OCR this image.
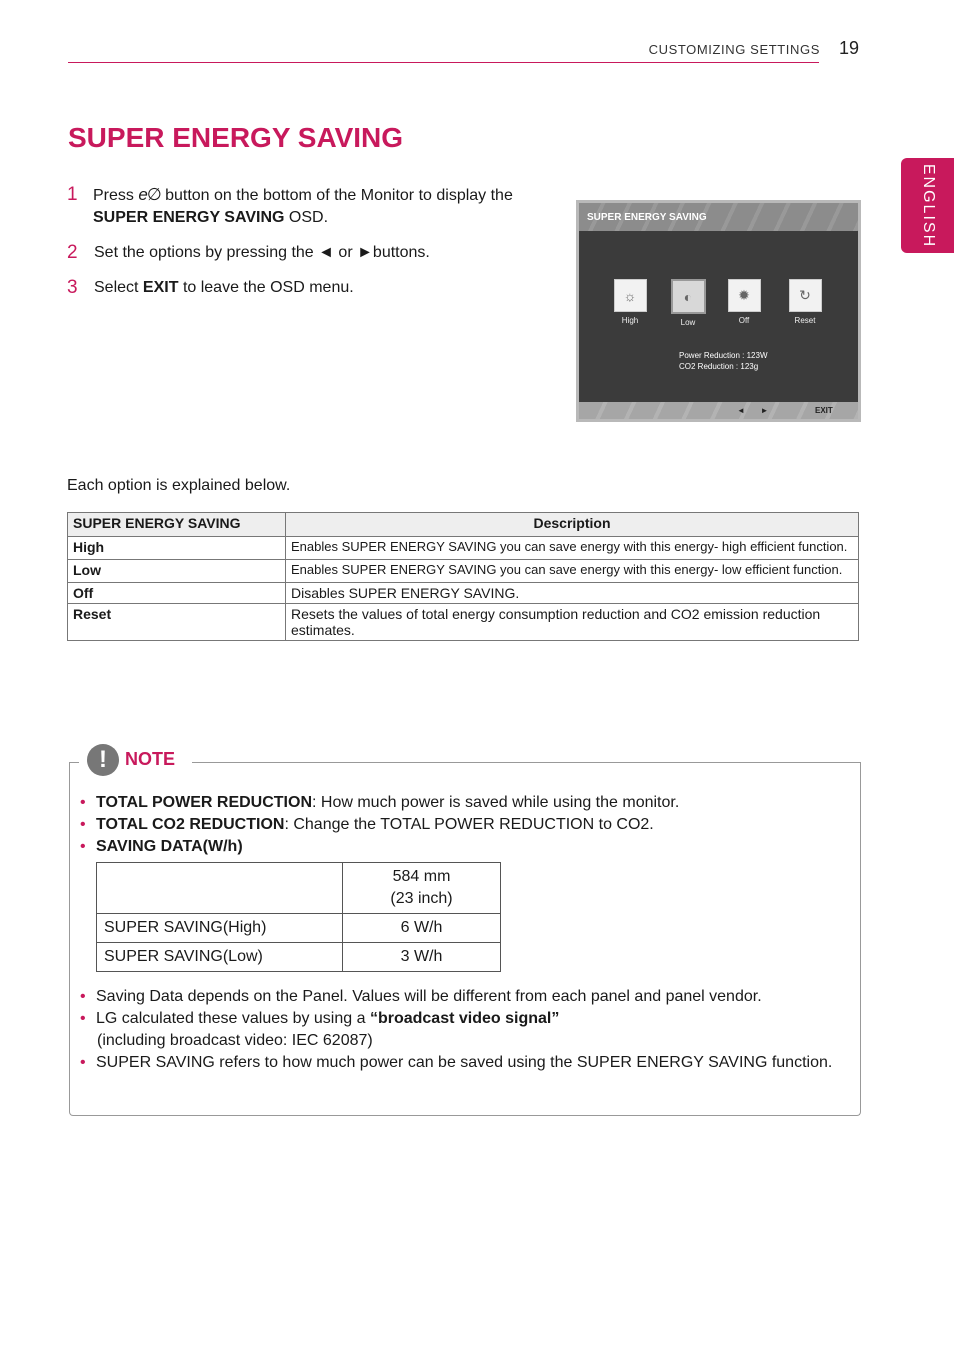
CUSTOMIZING SETTINGS 19
ENGLISH
SUPER ENERGY SAVING
1 Press e∅ button on the bottom of the Monitor to display the
SUPER ENERGY SAVING OSD.
2 Set the options by pressing the ◄ or ►buttons.
3 Select EXIT to leave the OSD menu.
SUPER ENERGY SAVING
☼
High
◐
Low
✹
Off
↻
Reset
Power Reduction : 123W
CO2 Reduction : 123g
◄ ►	EXIT
Each option is explained below.
SUPER ENERGY SAVING	Description
High	Enables SUPER ENERGY SAVING you can save energy with this energy- high efficient function.
Low	Enables SUPER ENERGY SAVING you can save energy with this energy- low efficient function.
Off	Disables SUPER ENERGY SAVING.
Reset	Resets the values of total energy consumption reduction and CO2 emission reduction estimates.
!	NOTE
• TOTAL POWER REDUCTION: How much power is saved while using the monitor.
• TOTAL CO2 REDUCTION: Change the TOTAL POWER REDUCTION to CO2.
• SAVING DATA(W/h)

	584 mm
(23 inch)

SUPER SAVING(High)	6 W/h
SUPER SAVING(Low)	3 W/h
• Saving Data depends on the Panel. Values will be different from each panel and panel vendor.
• LG calculated these values by using a “broadcast video signal”
(including broadcast video: IEC 62087)
• SUPER SAVING refers to how much power can be saved using the SUPER ENERGY SAVING function.
